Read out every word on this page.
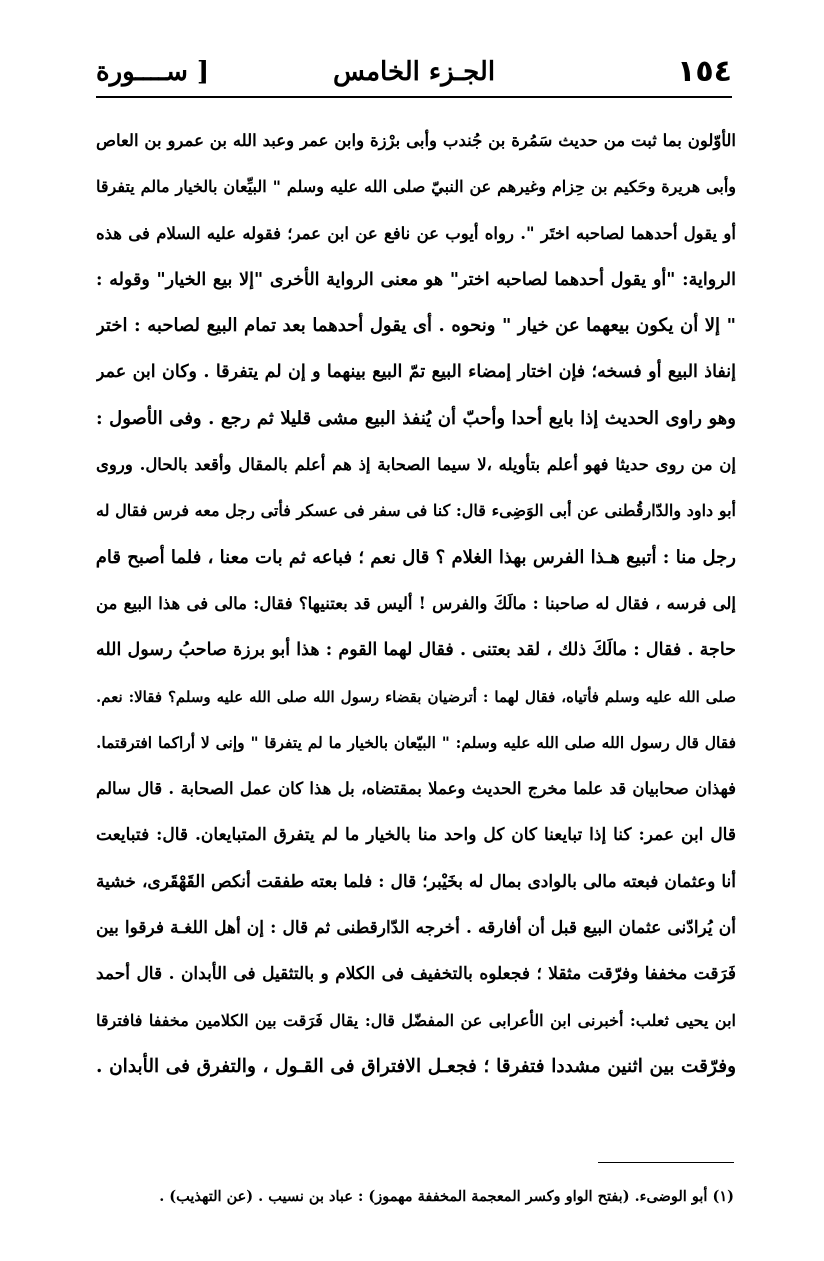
١٥٤
الجـزء الخامس
[ ســــورة
الأوّلون بما ثبت من حديث سَمُرة بن جُندب وأبى برْزة وابن عمر وعبد الله بن عمرو بن العاص
وأبى هريرة وحَكيم بن حِزام وغيرهم عن النبيّ صلى الله عليه وسلم " البيِّعان بالخيار مالم يتفرقا
أو يقول أحدهما لصاحبه اختَر ". رواه أيوب عن نافع عن ابن عمر؛ فقوله عليه السلام فى هذه
الرواية: "أو يقول أحدهما لصاحبه اختر" هو معنى الرواية الأخرى "إلا بيع الخيار" وقوله :
" إلا أن يكون بيعهما عن خيار " ونحوه . أى يقول أحدهما بعد تمام البيع لصاحبه : اختر
إنفاذ البيع أو فسخه؛ فإن اختار إمضاء البيع تمّ البيع بينهما و إن لم يتفرقا . وكان ابن عمر
وهو راوى الحديث إذا بايع أحدا وأحبّ أن يُنفذ البيع مشى قليلا ثم رجع . وفى الأصول :
إن من روى حديثا فهو أعلم بتأويله ،لا سيما الصحابة إذ هم أعلم بالمقال وأقعد بالحال. وروى
أبو داود والدّارقُطنى عن أبى الوَضِىء قال: كنا فى سفر فى عسكر فأتى رجل معه فرس فقال له
رجل منا : أتبيع هـذا الفرس بهذا الغلام ؟ قال نعم ؛ فباعه ثم بات معنا ، فلما أصبح قام
إلى فرسه ، فقال له صاحبنا : مالَكَ والفرس ! أليس قد بعتنيها؟ فقال: مالى فى هذا البيع من
حاجة . فقال : مالَكَ ذلك ، لقد بعتنى . فقال لهما القوم : هذا أبو برزة صاحبُ رسول الله
صلى الله عليه وسلم فأتياه، فقال لهما : أترضيان بقضاء رسول الله صلى الله عليه وسلم؟ فقالا: نعم.
فقال قال رسول الله صلى الله عليه وسلم: " البيّعان بالخيار ما لم يتفرقا " وإنى لا أراكما افترقتما.
فهذان صحابيان قد علما مخرج الحديث وعملا بمقتضاه، بل هذا كان عمل الصحابة . قال سالم
قال ابن عمر: كنا إذا تبايعنا كان كل واحد منا بالخيار ما لم يتفرق المتبايعان. قال: فتبايعت
أنا وعثمان فبعته مالى بالوادى بمال له بخَيْبر؛ قال : فلما بعته طفقت أنكص القَهْقَرى، خشية
أن يُرادّنى عثمان البيع قبل أن أفارقه . أخرجه الدّارقطنى ثم قال : إن أهل اللغـة فرقوا بين
فَرَقت مخففا وفرّقت مثقلا ؛ فجعلوه بالتخفيف فى الكلام و بالتثقيل فى الأبدان . قال أحمد
ابن يحيى ثعلب: أخبرنى ابن الأعرابى عن المفضّل قال: يقال فَرَقت بين الكلامين مخففا فافترقا
وفرّقت بين اثنين مشددا فتفرقا ؛ فجعـل الافتراق فى القـول ، والتفرق فى الأبدان .
(١) أبو الوضىء. (بفتح الواو وكسر المعجمة المخففة مهموز) : عباد بن نسيب . (عن التهذيب) .
